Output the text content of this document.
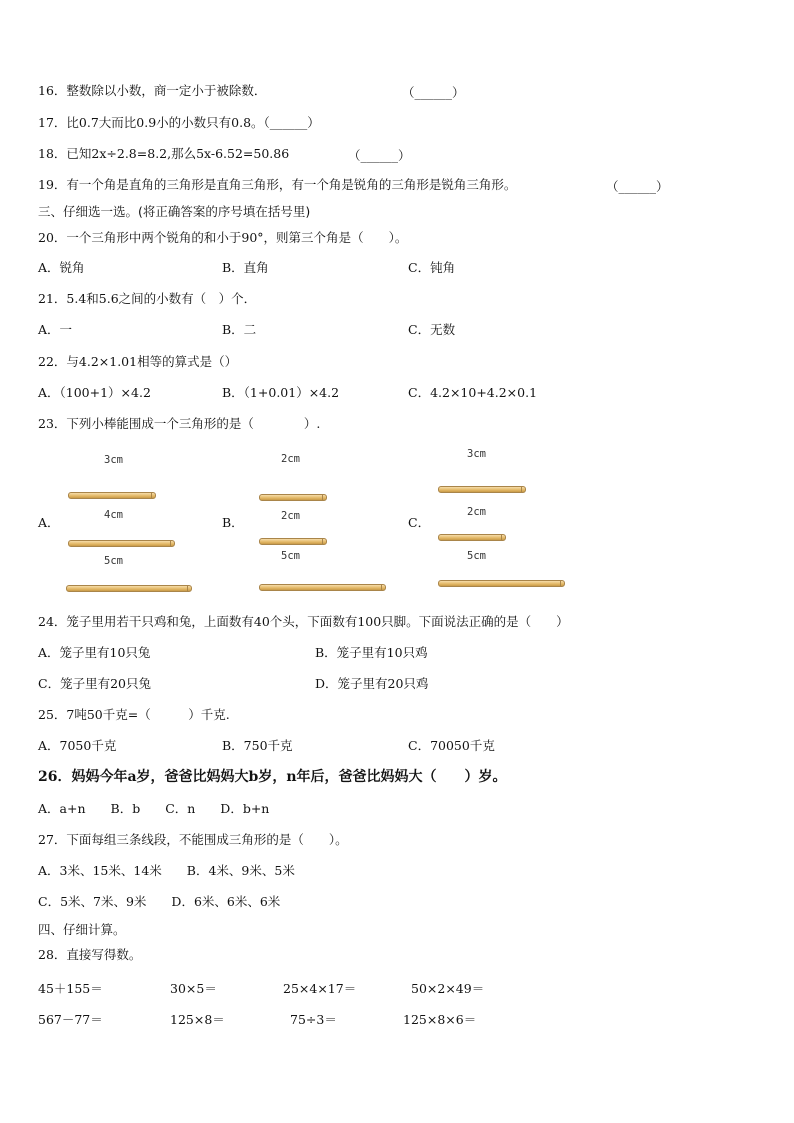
16．整数除以小数，商一定小于被除数．	（______）
17．比0.7大而比0.9小的小数只有0.8。（______）
18．已知2x÷2.8=8.2,那么5x-6.52=50.86	（______）
19．有一个角是直角的三角形是直角三角形，有一个角是锐角的三角形是锐角三角形。	（______）
三、仔细选一选。(将正确答案的序号填在括号里)
20．一个三角形中两个锐角的和小于90°，则第三个角是（　　）。
A．锐角	B．直角	C．钝角
21．5.4和5.6之间的小数有（　）个．
A．一	B．二	C．无数
22．与4.2×1.01相等的算式是（）
A．（100+1）×4.2	B．（1+0.01）×4.2	C．4.2×10+4.2×0.1
23．下列小棒能围成一个三角形的是（　　　　）.
A．	B．	C．
3cm
4cm
5cm
2cm
2cm
5cm
3cm
2cm
5cm
24．笼子里用若干只鸡和兔，上面数有40个头，下面数有100只脚。下面说法正确的是（　　）
A．笼子里有10只兔	B．笼子里有10只鸡
C．笼子里有20只兔	D．笼子里有20只鸡
25．7吨50千克=（　　　）千克.
A．7050千克	B．750千克	C．70050千克
26．妈妈今年a岁，爸爸比妈妈大b岁，n年后，爸爸比妈妈大（　　）岁。
A．a+n　　B．b　　C．n　　D．b+n
27．下面每组三条线段，不能围成三角形的是（　　）。
A．3米、15米、14米　　B．4米、9米、5米
C．5米、7米、9米　　D．6米、6米、6米
四、仔细计算。
28．直接写得数。
45＋155＝	30×5＝	25×4×17＝	50×2×49＝
567－77＝	125×8＝	75÷3＝	125×8×6＝
